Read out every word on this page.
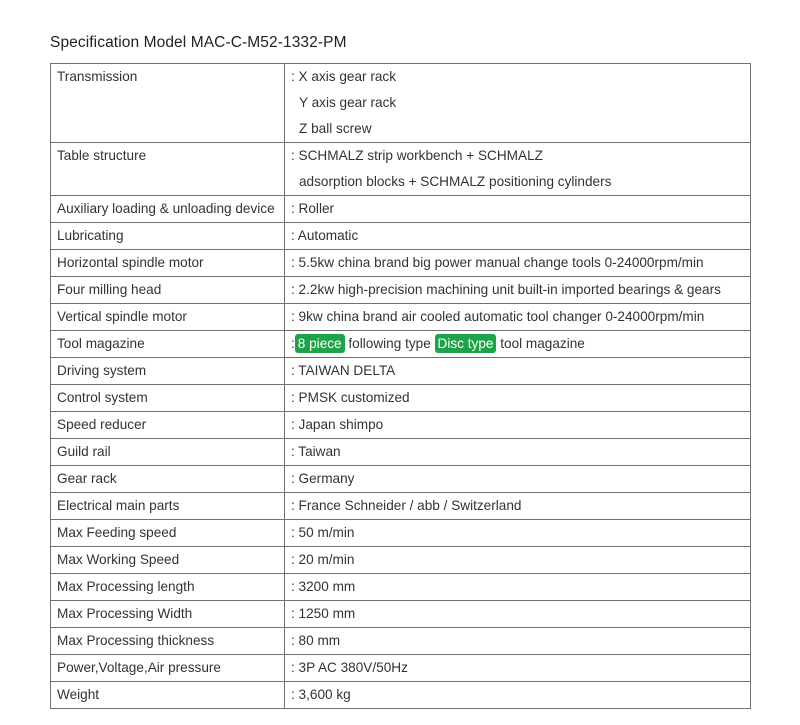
Specification Model MAC-C-M52-1332-PM
Transmission	: X axis gear rack
Y axis gear rack
Z ball screw

Table structure	: SCHMALZ strip workbench + SCHMALZ
adsorption blocks + SCHMALZ positioning cylinders

Auxiliary loading & unloading device	: Roller
Lubricating	: Automatic
Horizontal spindle motor	: 5.5kw china brand big power manual change tools 0-24000rpm/min
Four milling head	: 2.2kw high-precision machining unit built-in imported bearings & gears
Vertical spindle motor	: 9kw china brand air cooled automatic tool changer 0-24000rpm/min
Tool magazine	: 8 piece following type Disc type tool magazine
Driving system	: TAIWAN DELTA
Control system	: PMSK customized
Speed reducer	: Japan shimpo
Guild rail	: Taiwan
Gear rack	: Germany
Electrical main parts	: France Schneider / abb / Switzerland
Max Feeding speed	: 50 m/min
Max Working Speed	: 20 m/min
Max Processing length	: 3200 mm
Max Processing Width	: 1250 mm
Max Processing thickness	: 80 mm
Power,Voltage,Air pressure	: 3P AC 380V/50Hz
Weight	: 3,600 kg
